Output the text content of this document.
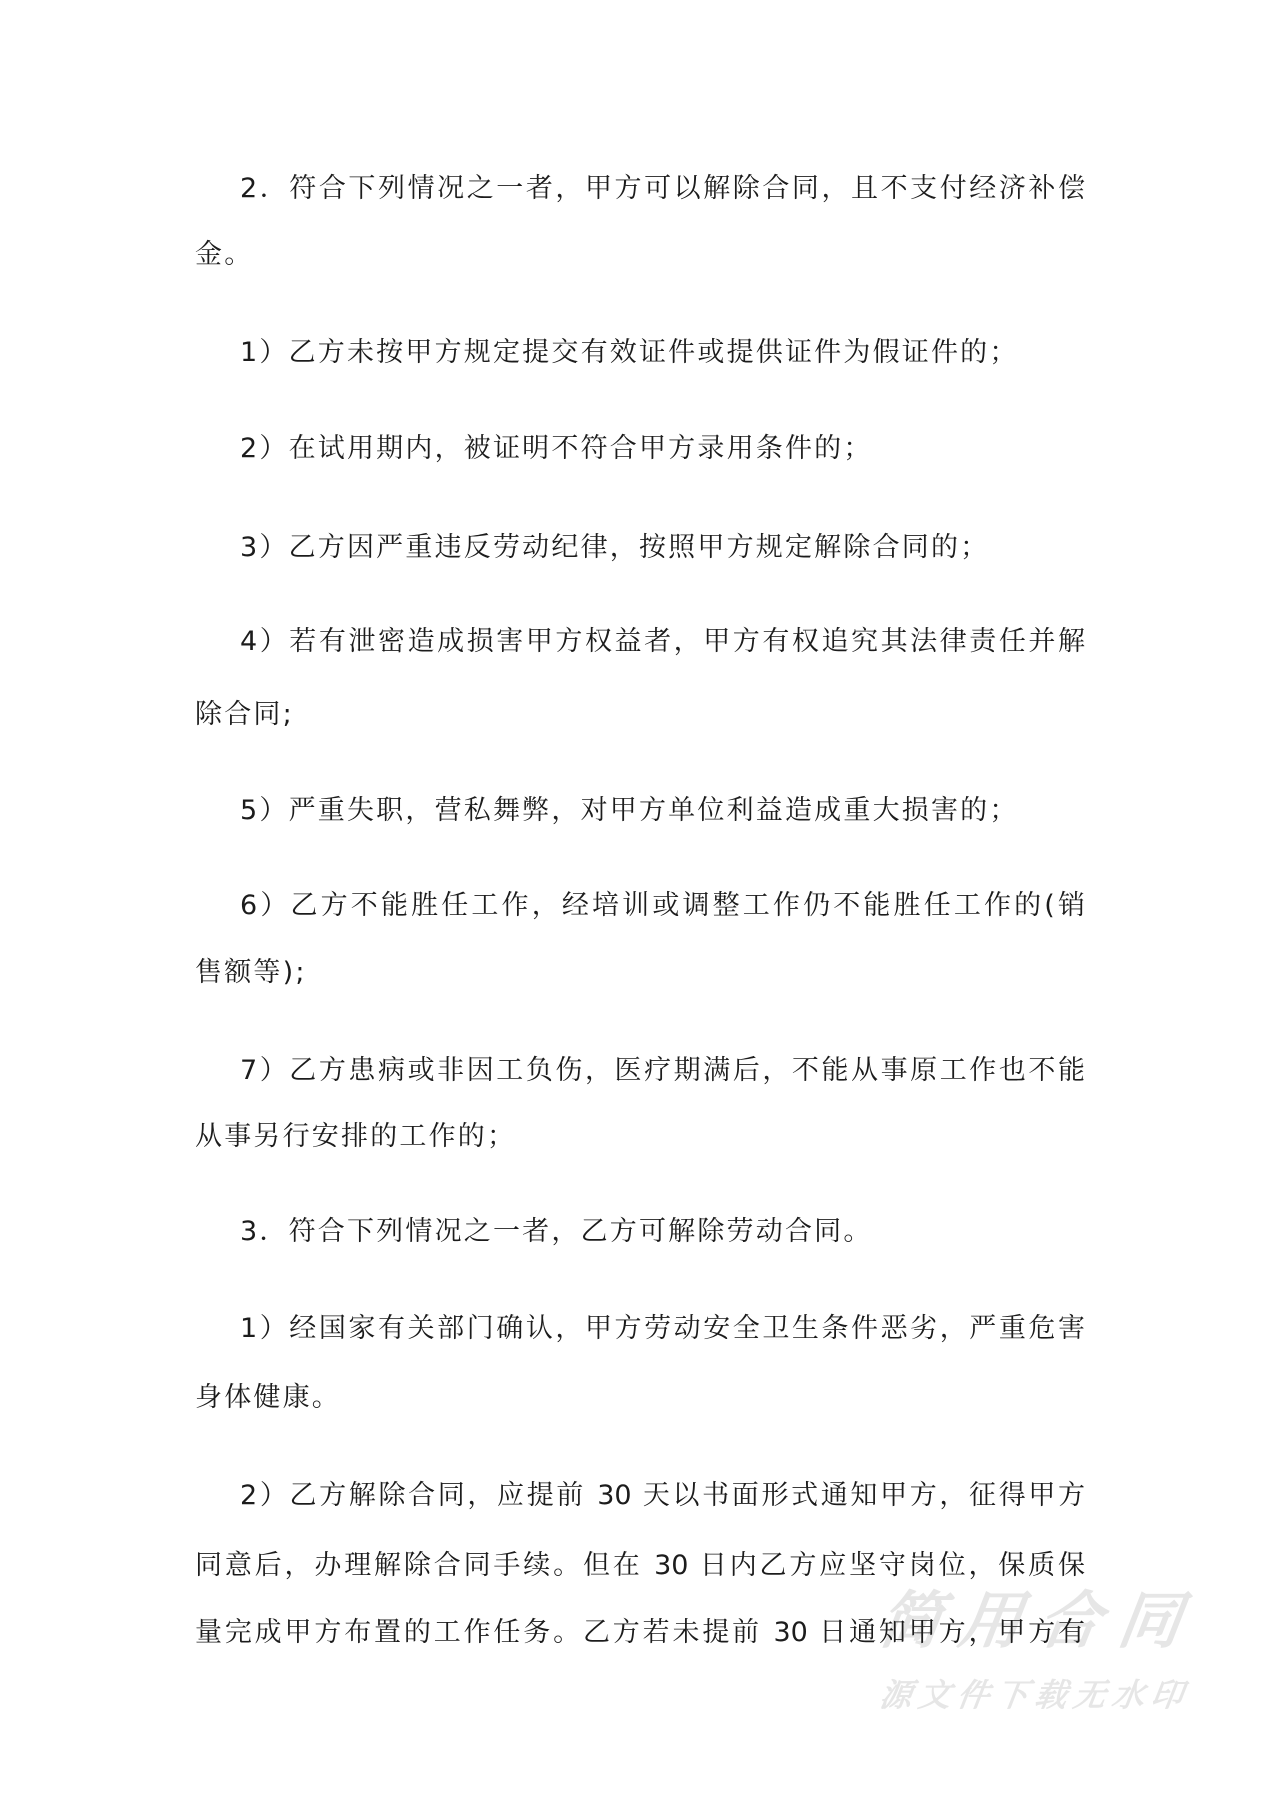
简用合同
源文件下载无水印
2．符合下列情况之一者，甲方可以解除合同，且不支付经济补偿
金。
1）乙方未按甲方规定提交有效证件或提供证件为假证件的；
2）在试用期内，被证明不符合甲方录用条件的；
3）乙方因严重违反劳动纪律，按照甲方规定解除合同的；
4）若有泄密造成损害甲方权益者，甲方有权追究其法律责任并解
除合同;
5）严重失职，营私舞弊，对甲方单位利益造成重大损害的；
6）乙方不能胜任工作，经培训或调整工作仍不能胜任工作的(销
售额等);
7）乙方患病或非因工负伤，医疗期满后，不能从事原工作也不能
从事另行安排的工作的；
3．符合下列情况之一者，乙方可解除劳动合同。
1）经国家有关部门确认，甲方劳动安全卫生条件恶劣，严重危害
身体健康。
2）乙方解除合同，应提前 30 天以书面形式通知甲方，征得甲方
同意后，办理解除合同手续。但在 30 日内乙方应坚守岗位，保质保
量完成甲方布置的工作任务。乙方若未提前 30 日通知甲方，甲方有
